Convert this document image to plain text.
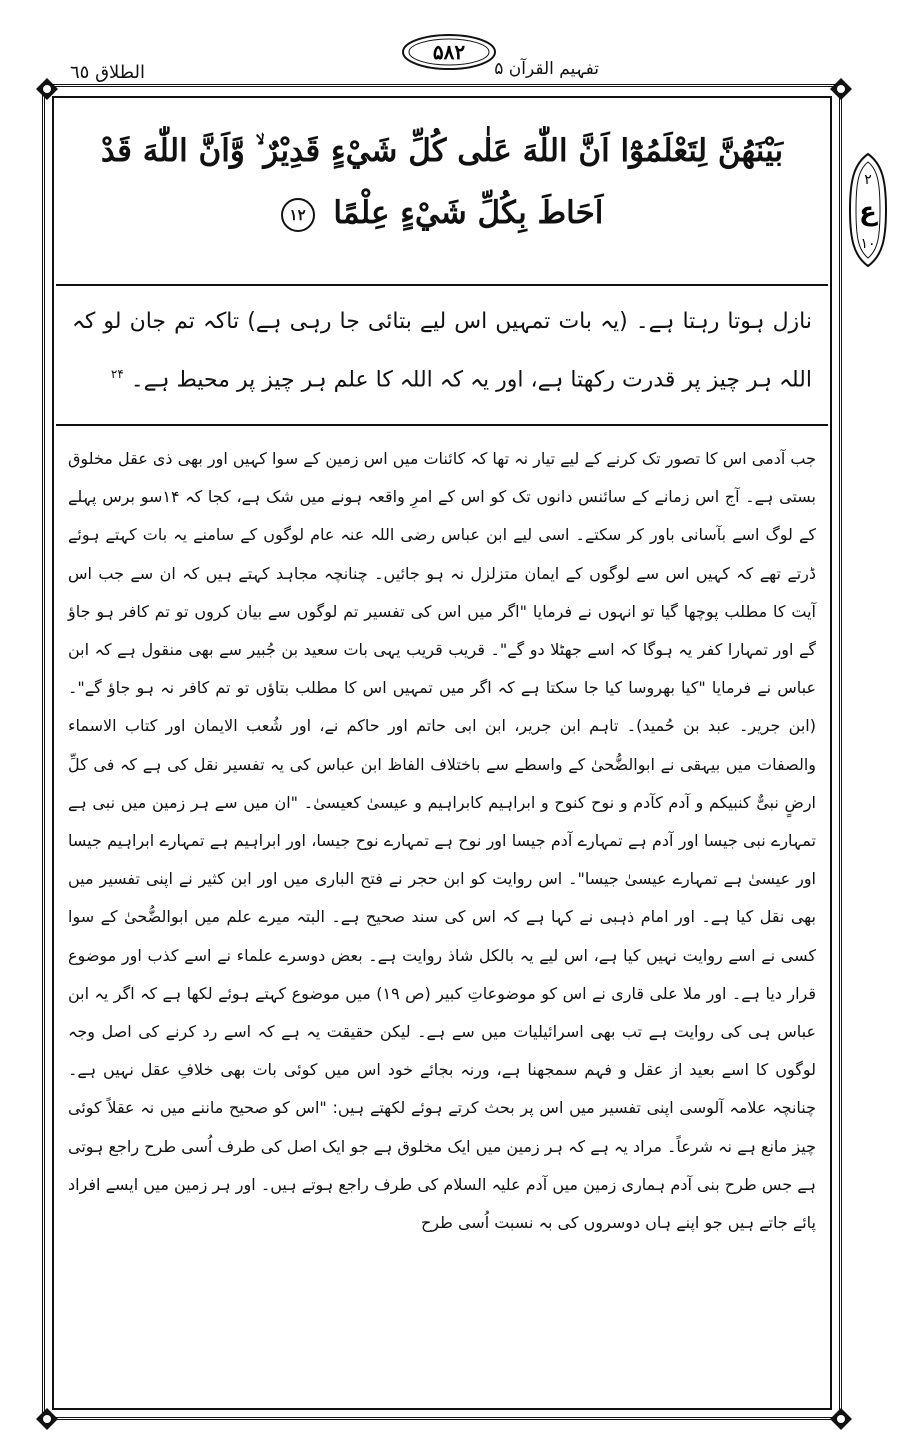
الطلاق ٦٥
۵۸۲
تفہیم القرآن ۵
٢
ع
١٠
بَيْنَهُنَّ لِتَعْلَمُوْٓا اَنَّ اللّٰهَ عَلٰى كُلِّ شَيْءٍ قَدِيْرٌ ۙ وَّاَنَّ اللّٰهَ قَدْ
اَحَاطَ بِكُلِّ شَيْءٍ عِلْمًا ١٢
نازل ہوتا رہتا ہے۔ (یہ بات تمہیں اس لیے بتائی جا رہی ہے) تاکہ تم جان لو کہ اللہ ہر چیز پر قدرت رکھتا ہے، اور یہ کہ اللہ کا علم ہر چیز پر محیط ہے۔ $^{۲۴}$

جب آدمی اس کا تصور تک کرنے کے لیے تیار نہ تھا کہ کائنات میں اس زمین کے سوا کہیں اور بھی ذی عقل مخلوق بستی ہے۔ آج اس زمانے کے سائنس دانوں تک کو اس کے امرِ واقعہ ہونے میں شک ہے، کجا کہ ۱۴سو برس پہلے کے لوگ اسے بآسانی باور کر سکتے۔ اسی لیے ابن عباس رضی اللہ عنہ عام لوگوں کے سامنے یہ بات کہتے ہوئے ڈرتے تھے کہ کہیں اس سے لوگوں کے ایمان متزلزل نہ ہو جائیں۔ چنانچہ مجاہد کہتے ہیں کہ ان سے جب اس آیت کا مطلب پوچھا گیا تو انہوں نے فرمایا "اگر میں اس کی تفسیر تم لوگوں سے بیان کروں تو تم کافر ہو جاؤ گے اور تمہارا کفر یہ ہوگا کہ اسے جھٹلا دو گے"۔ قریب قریب یہی بات سعید بن جُبیر سے بھی منقول ہے کہ ابن عباس نے فرمایا "کیا بھروسا کیا جا سکتا ہے کہ اگر میں تمہیں اس کا مطلب بتاؤں تو تم کافر نہ ہو جاؤ گے"۔ (ابن جریر۔ عبد بن حُمید)۔ تاہم ابن جریر، ابن ابی حاتم اور حاکم نے، اور شُعب الایمان اور کتاب الاسماء والصفات میں بیہقی نے ابوالضُّحیٰ کے واسطے سے باختلاف الفاظ ابن عباس کی یہ تفسیر نقل کی ہے کہ فی کلِّ ارضٍ نبیٌّ کنبیکم و آدم کآدم و نوح کنوح و ابراہیم کابراہیم و عیسیٰ کعیسیٰ۔ "ان میں سے ہر زمین میں نبی ہے تمہارے نبی جیسا اور آدم ہے تمہارے آدم جیسا اور نوح ہے تمہارے نوح جیسا، اور ابراہیم ہے تمہارے ابراہیم جیسا اور عیسیٰ ہے تمہارے عیسیٰ جیسا"۔ اس روایت کو ابن حجر نے فتح الباری میں اور ابن کثیر نے اپنی تفسیر میں بھی نقل کیا ہے۔ اور امام ذہبی نے کہا ہے کہ اس کی سند صحیح ہے۔ البتہ میرے علم میں ابوالضُّحیٰ کے سوا کسی نے اسے روایت نہیں کیا ہے، اس لیے یہ بالکل شاذ روایت ہے۔ بعض دوسرے علماء نے اسے کذب اور موضوع قرار دیا ہے۔ اور ملا علی قاری نے اس کو موضوعاتِ کبیر (ص ۱۹) میں موضوع کہتے ہوئے لکھا ہے کہ اگر یہ ابن عباس ہی کی روایت ہے تب بھی اسرائیلیات میں سے ہے۔ لیکن حقیقت یہ ہے کہ اسے رد کرنے کی اصل وجہ لوگوں کا اسے بعید از عقل و فہم سمجھنا ہے، ورنہ بجائے خود اس میں کوئی بات بھی خلافِ عقل نہیں ہے۔ چنانچہ علامہ آلوسی اپنی تفسیر میں اس پر بحث کرتے ہوئے لکھتے ہیں: "اس کو صحیح ماننے میں نہ عقلاً کوئی چیز مانع ہے نہ شرعاً۔ مراد یہ ہے کہ ہر زمین میں ایک مخلوق ہے جو ایک اصل کی طرف اُسی طرح راجع ہوتی ہے جس طرح بنی آدم ہماری زمین میں آدم علیہ السلام کی طرف راجع ہوتے ہیں۔ اور ہر زمین میں ایسے افراد پائے جاتے ہیں جو اپنے ہاں دوسروں کی بہ نسبت اُسی طرح
